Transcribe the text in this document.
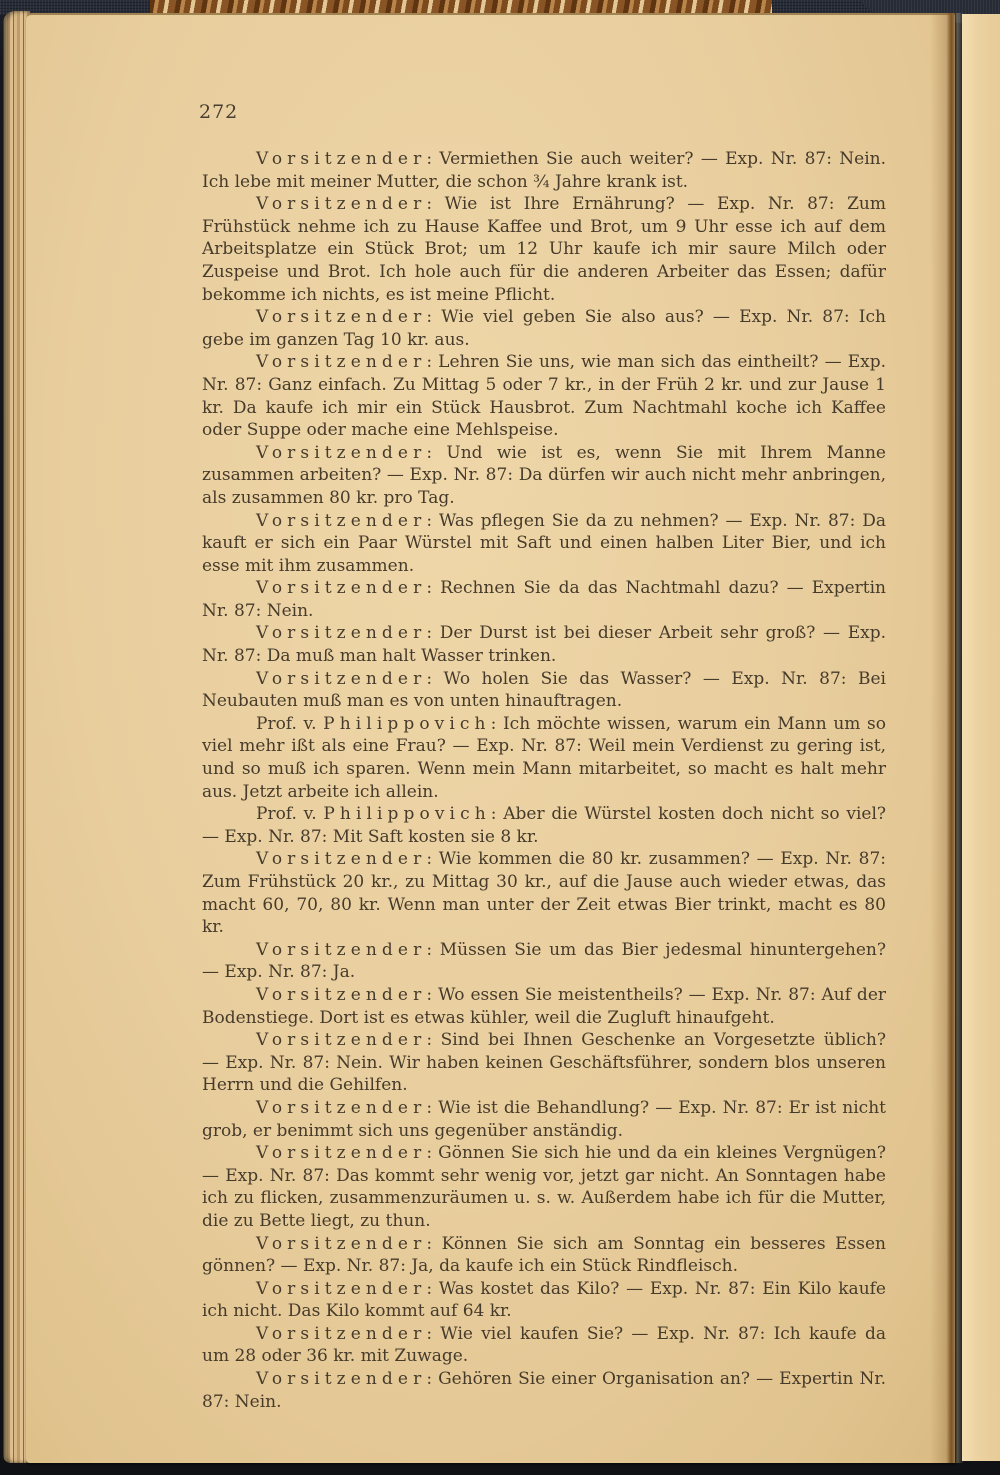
272

Vorsitzender: Vermiethen Sie auch weiter? — Exp. Nr. 87: Nein. Ich lebe mit meiner Mutter, die schon ¾ Jahre krank ist.

Vorsitzender: Wie ist Ihre Ernährung? — Exp. Nr. 87: Zum Frühstück nehme ich zu Hause Kaffee und Brot, um 9 Uhr esse ich auf dem Arbeitsplatze ein Stück Brot; um 12 Uhr kaufe ich mir saure Milch oder Zuspeise und Brot. Ich hole auch für die anderen Arbeiter das Essen; dafür bekomme ich nichts, es ist meine Pflicht.

Vorsitzender: Wie viel geben Sie also aus? — Exp. Nr. 87: Ich gebe im ganzen Tag 10 kr. aus.

Vorsitzender: Lehren Sie uns, wie man sich das eintheilt? — Exp. Nr. 87: Ganz einfach. Zu Mittag 5 oder 7 kr., in der Früh 2 kr. und zur Jause 1 kr. Da kaufe ich mir ein Stück Hausbrot. Zum Nachtmahl koche ich Kaffee oder Suppe oder mache eine Mehlspeise.

Vorsitzender: Und wie ist es, wenn Sie mit Ihrem Manne zusammen arbeiten? — Exp. Nr. 87: Da dürfen wir auch nicht mehr anbringen, als zusammen 80 kr. pro Tag.

Vorsitzender: Was pflegen Sie da zu nehmen? — Exp. Nr. 87: Da kauft er sich ein Paar Würstel mit Saft und einen halben Liter Bier, und ich esse mit ihm zusammen.

Vorsitzender: Rechnen Sie da das Nachtmahl dazu? — Expertin Nr. 87: Nein.

Vorsitzender: Der Durst ist bei dieser Arbeit sehr groß? — Exp. Nr. 87: Da muß man halt Wasser trinken.

Vorsitzender: Wo holen Sie das Wasser? — Exp. Nr. 87: Bei Neubauten muß man es von unten hinauftragen.

Prof. v. Philippovich: Ich möchte wissen, warum ein Mann um so viel mehr ißt als eine Frau? — Exp. Nr. 87: Weil mein Verdienst zu gering ist, und so muß ich sparen. Wenn mein Mann mitarbeitet, so macht es halt mehr aus. Jetzt arbeite ich allein.

Prof. v. Philippovich: Aber die Würstel kosten doch nicht so viel? — Exp. Nr. 87: Mit Saft kosten sie 8 kr.

Vorsitzender: Wie kommen die 80 kr. zusammen? — Exp. Nr. 87: Zum Frühstück 20 kr., zu Mittag 30 kr., auf die Jause auch wieder etwas, das macht 60, 70, 80 kr. Wenn man unter der Zeit etwas Bier trinkt, macht es 80 kr.

Vorsitzender: Müssen Sie um das Bier jedesmal hinuntergehen? — Exp. Nr. 87: Ja.

Vorsitzender: Wo essen Sie meistentheils? — Exp. Nr. 87: Auf der Bodenstiege. Dort ist es etwas kühler, weil die Zugluft hinaufgeht.

Vorsitzender: Sind bei Ihnen Geschenke an Vorgesetzte üblich? — Exp. Nr. 87: Nein. Wir haben keinen Geschäftsführer, sondern blos unseren Herrn und die Gehilfen.

Vorsitzender: Wie ist die Behandlung? — Exp. Nr. 87: Er ist nicht grob, er benimmt sich uns gegenüber anständig.

Vorsitzender: Gönnen Sie sich hie und da ein kleines Vergnügen? — Exp. Nr. 87: Das kommt sehr wenig vor, jetzt gar nicht. An Sonntagen habe ich zu flicken, zusammenzuräumen u. s. w. Außerdem habe ich für die Mutter, die zu Bette liegt, zu thun.

Vorsitzender: Können Sie sich am Sonntag ein besseres Essen gönnen? — Exp. Nr. 87: Ja, da kaufe ich ein Stück Rindfleisch.

Vorsitzender: Was kostet das Kilo? — Exp. Nr. 87: Ein Kilo kaufe ich nicht. Das Kilo kommt auf 64 kr.

Vorsitzender: Wie viel kaufen Sie? — Exp. Nr. 87: Ich kaufe da um 28 oder 36 kr. mit Zuwage.

Vorsitzender: Gehören Sie einer Organisation an? — Expertin Nr. 87: Nein.
